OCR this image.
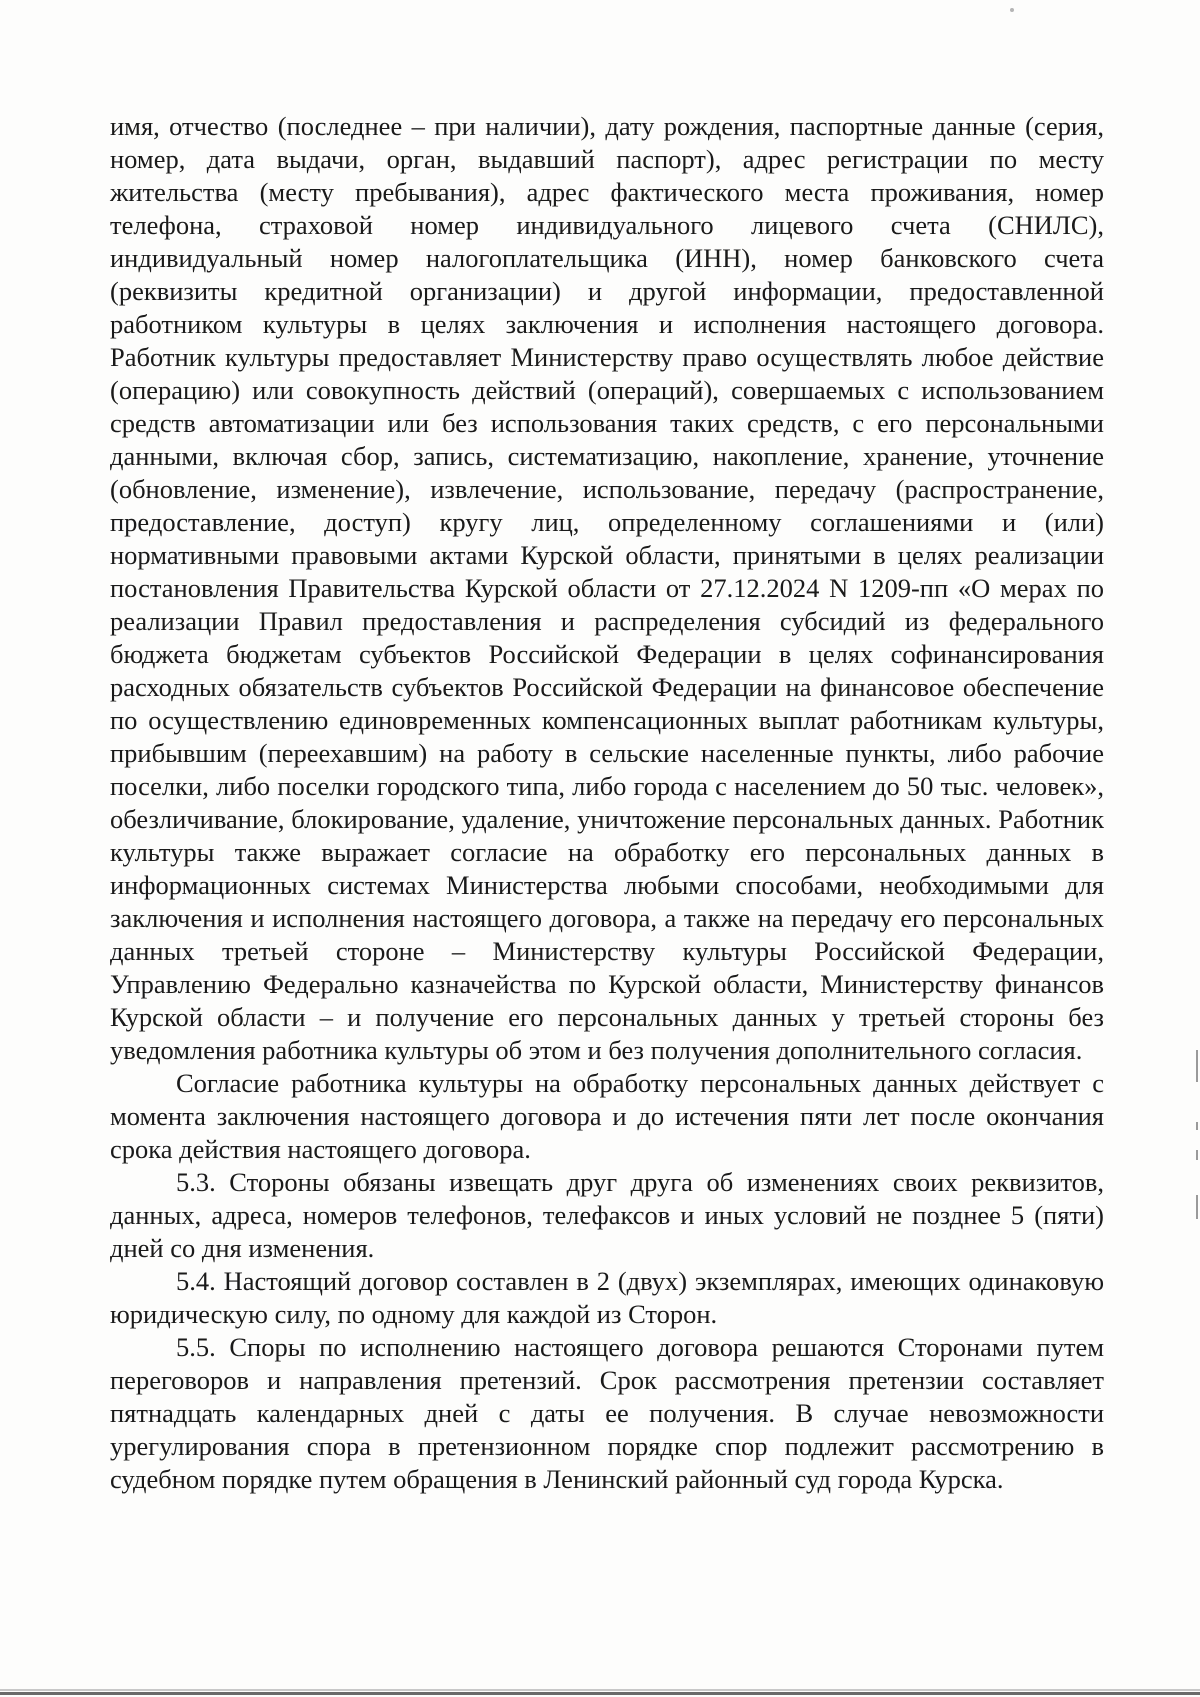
имя, отчество (последнее – при наличии), дату рождения, паспортные данные (серия, номер, дата выдачи, орган, выдавший паспорт), адрес регистрации по месту жительства (месту пребывания), адрес фактического места проживания, номер телефона, страховой номер индивидуального лицевого счета (СНИЛС), индивидуальный номер налогоплательщика (ИНН), номер банковского счета (реквизиты кредитной организации) и другой информации, предоставленной работником культуры в целях заключения и исполнения настоящего договора. Работник культуры предоставляет Министерству право осуществлять любое действие (операцию) или совокупность действий (операций), совершаемых с использованием средств автоматизации или без использования таких средств, с его персональными данными, включая сбор, запись, систематизацию, накопление, хранение, уточнение (обновление, изменение), извлечение, использование, передачу (распространение, предоставление, доступ) кругу лиц, определенному соглашениями и (или) нормативными правовыми актами Курской области, принятыми в целях реализации постановления Правительства Курской области от 27.12.2024 N 1209-пп «О мерах по реализации Правил предоставления и распределения субсидий из федерального бюджета бюджетам субъектов Российской Федерации в целях софинансирования расходных обязательств субъектов Российской Федерации на финансовое обеспечение по осуществлению единовременных компенсационных выплат работникам культуры, прибывшим (переехавшим) на работу в сельские населенные пункты, либо рабочие поселки, либо поселки городского типа, либо города с населением до 50 тыс. человек», обезличивание, блокирование, удаление, уничтожение персональных данных. Работник культуры также выражает согласие на обработку его персональных данных в информационных системах Министерства любыми способами, необходимыми для заключения и исполнения настоящего договора, а также на передачу его персональных данных третьей стороне – Министерству культуры Российской Федерации, Управлению Федерально казначейства по Курской области, Министерству финансов Курской области – и получение его персональных данных у третьей стороны без уведомления работника культуры об этом и без получения дополнительного согласия.

Согласие работника культуры на обработку персональных данных действует с момента заключения настоящего договора и до истечения пяти лет после окончания срока действия настоящего договора.

5.3. Стороны обязаны извещать друг друга об изменениях своих реквизитов, данных, адреса, номеров телефонов, телефаксов и иных условий не позднее 5 (пяти) дней со дня изменения.

5.4. Настоящий договор составлен в 2 (двух) экземплярах, имеющих одинаковую юридическую силу, по одному для каждой из Сторон.

5.5. Споры по исполнению настоящего договора решаются Сторонами путем переговоров и направления претензий. Срок рассмотрения претензии составляет пятнадцать календарных дней с даты ее получения. В случае невозможности урегулирования спора в претензионном порядке спор подлежит рассмотрению в судебном порядке путем обращения в Ленинский районный суд города Курска.
